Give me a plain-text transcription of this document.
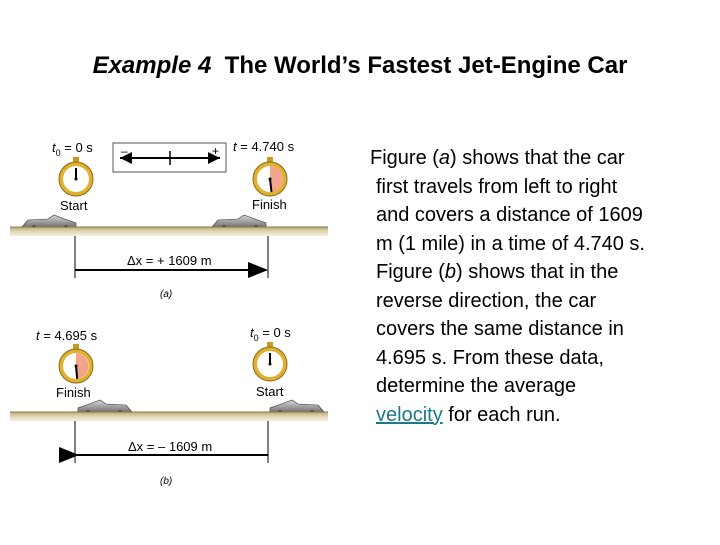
Example 4 The World’s Fastest Jet-Engine Car
$t_0 = 0$ s	t = 4.740 s
–	+
Start	Finish
Δx = + 1609 m
(a)
t = 4.695 s	$t_0 = 0$ s
Finish	Start
Δx = – 1609 m
(b)
Figure (a) shows that the car
first travels from left to right
and covers a distance of 1609
m (1 mile) in a time of 4.740 s.
Figure (b) shows that in the
reverse direction, the car
covers the same distance in
4.695 s. From these data,
determine the average
velocity for each run.
